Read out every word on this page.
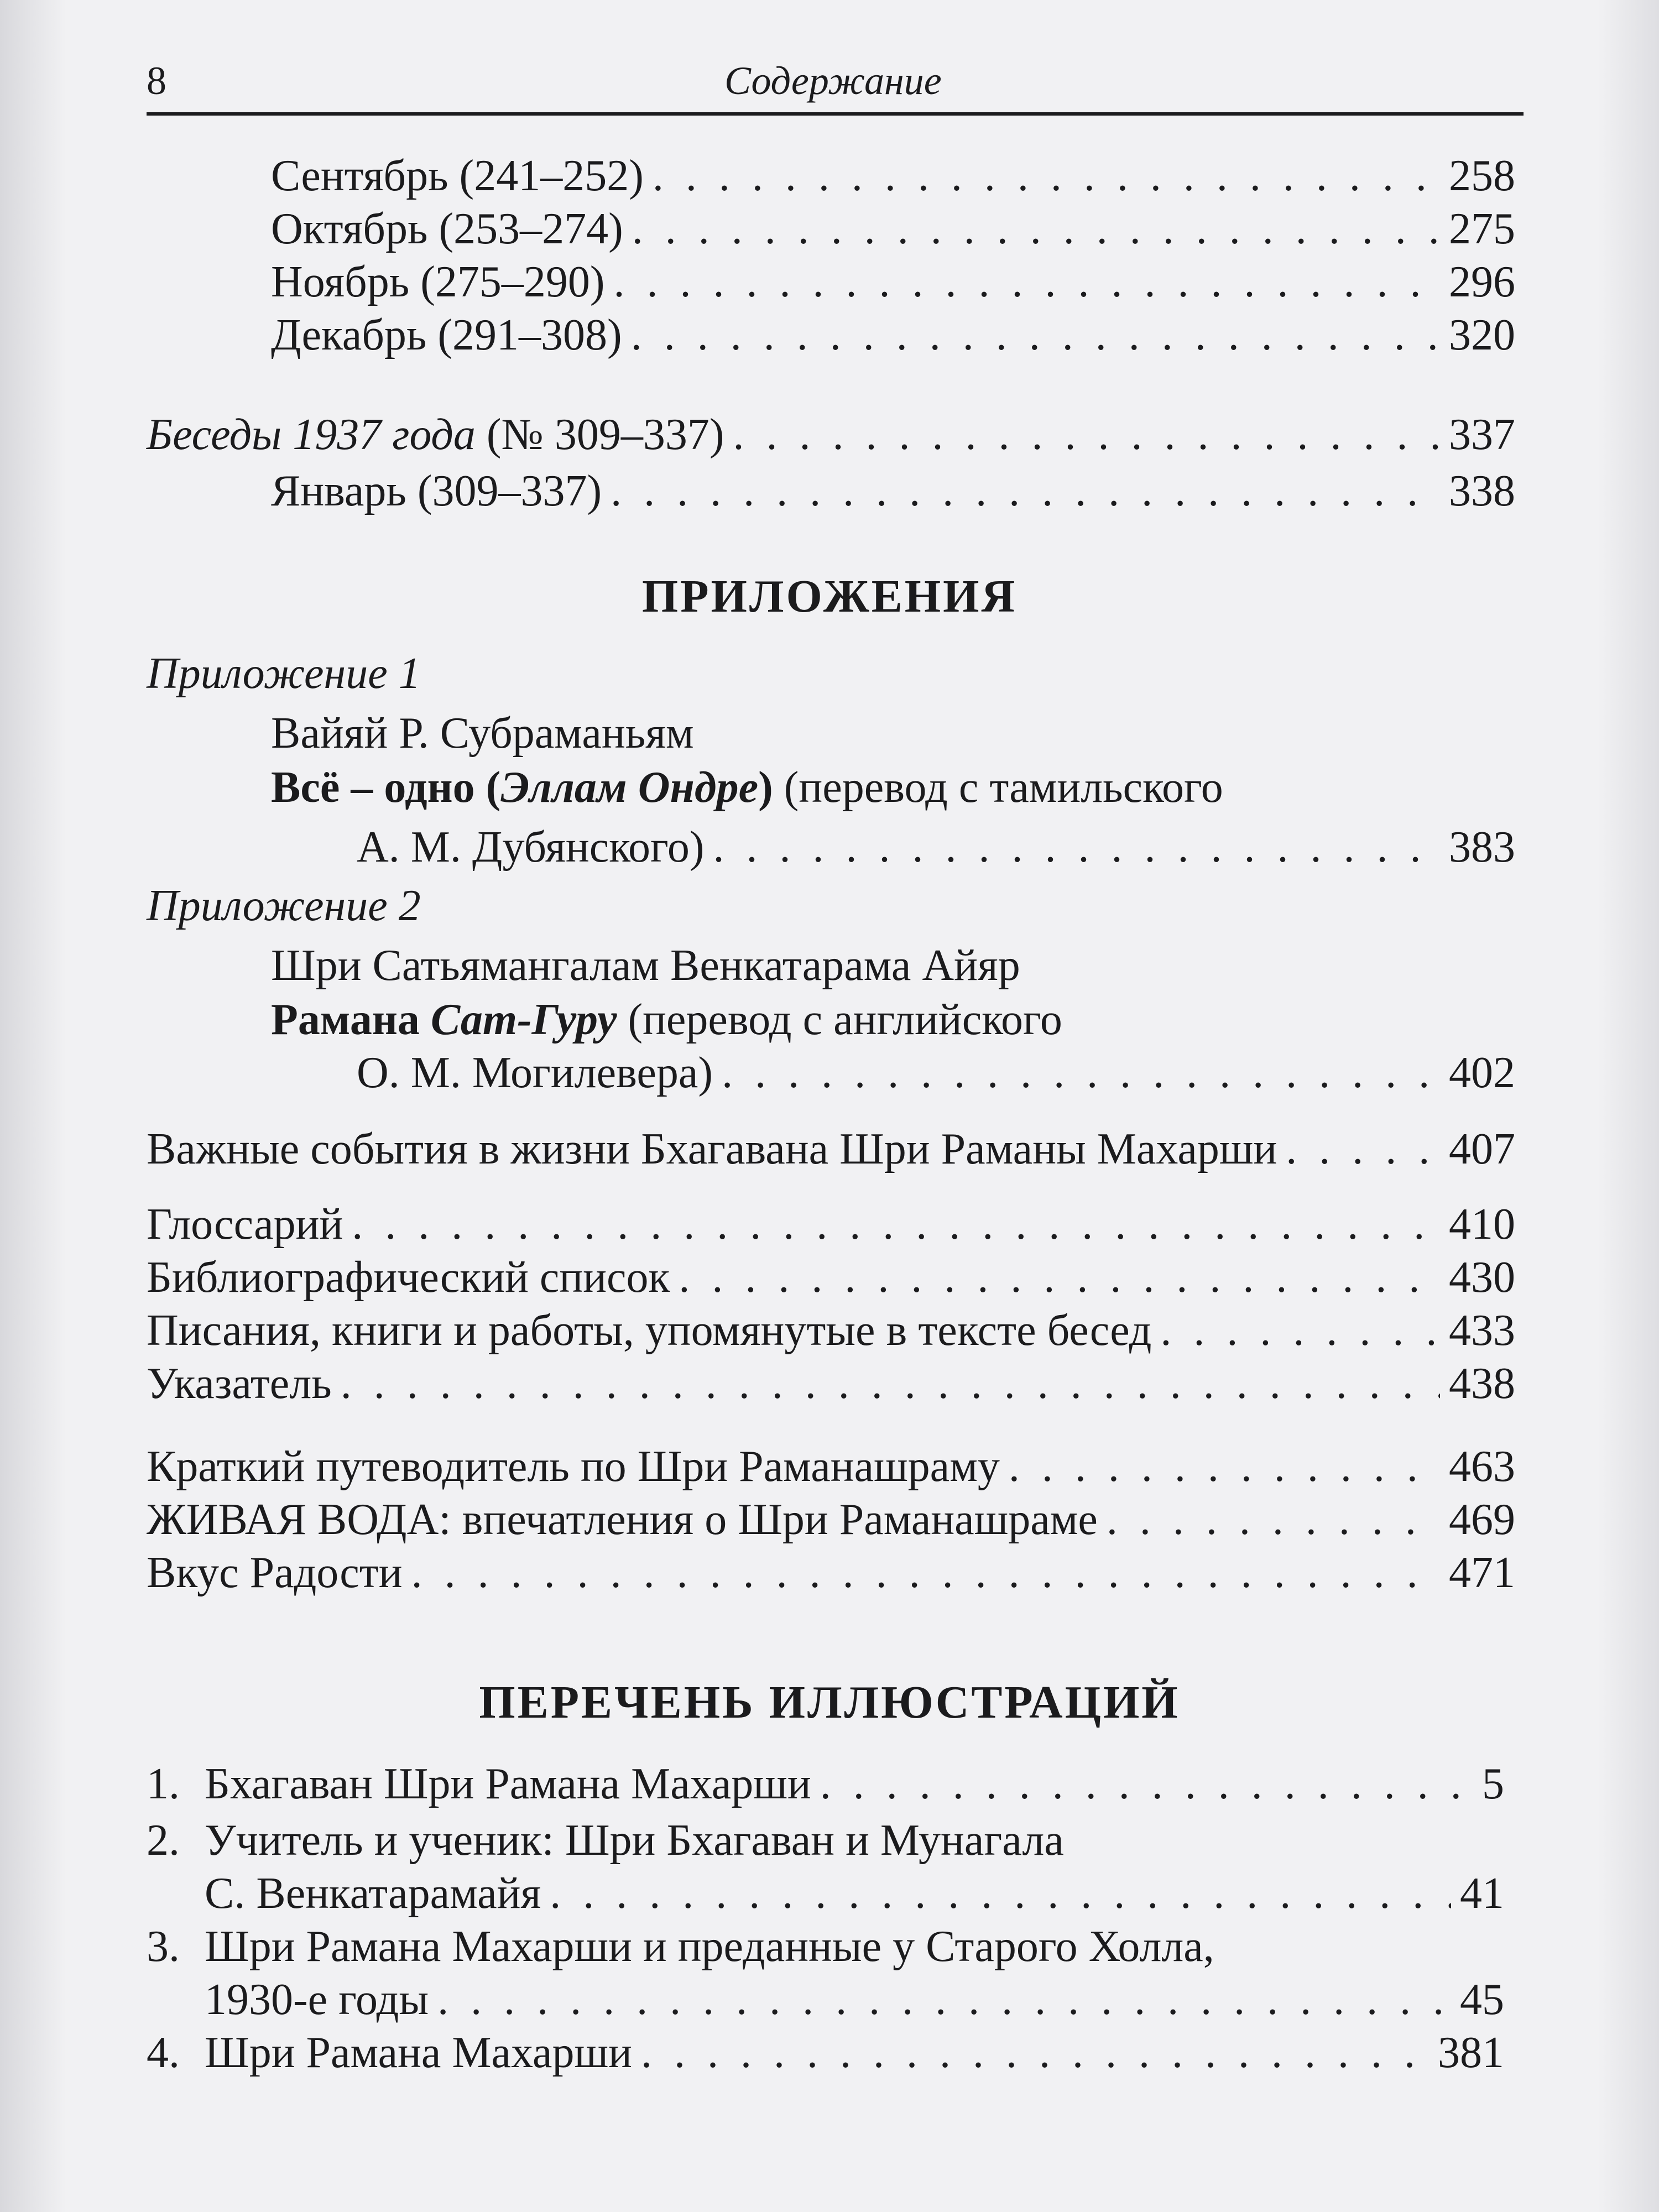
8	Содержание
Сентябрь (241–252) . . .	258
Октябрь (253–274) . . .	275
Ноябрь (275–290) . . .	296
Декабрь (291–308) . . .	320
Беседы 1937 года (№ 309–337) . . .	337
Январь (309–337) . . .	338
ПРИЛОЖЕНИЯ
Приложение 1
Вайяй Р. Субраманьям
Всё – одно (Эллам Ондре) (перевод с тамильского
А. М. Дубянского) . . .	383
Приложение 2
Шри Сатьямангалам Венкатарама Айяр
Рамана Сат-Гуру (перевод с английского
О. М. Могилевера) . . .	402
Важные события в жизни Бхагавана Шри Раманы Махарши . . .	407
Глоссарий . . .	410
Библиографический список . . .	430
Писания, книги и работы, упомянутые в тексте бесед . . .	433
Указатель . . .	438
Краткий путеводитель по Шри Раманашраму . . .	463
ЖИВАЯ ВОДА: впечатления о Шри Раманашраме . . .	469
Вкус Радости . . .	471
ПЕРЕЧЕНЬ ИЛЛЮСТРАЦИЙ
1. Бхагаван Шри Рамана Махарши . . .	5
2. Учитель и ученик: Шри Бхагаван и Мунагала
С. Венкатарамайя . . .	41
3. Шри Рамана Махарши и преданные у Старого Холла,
1930-е годы . . .	45
4. Шри Рамана Махарши . . .	381
